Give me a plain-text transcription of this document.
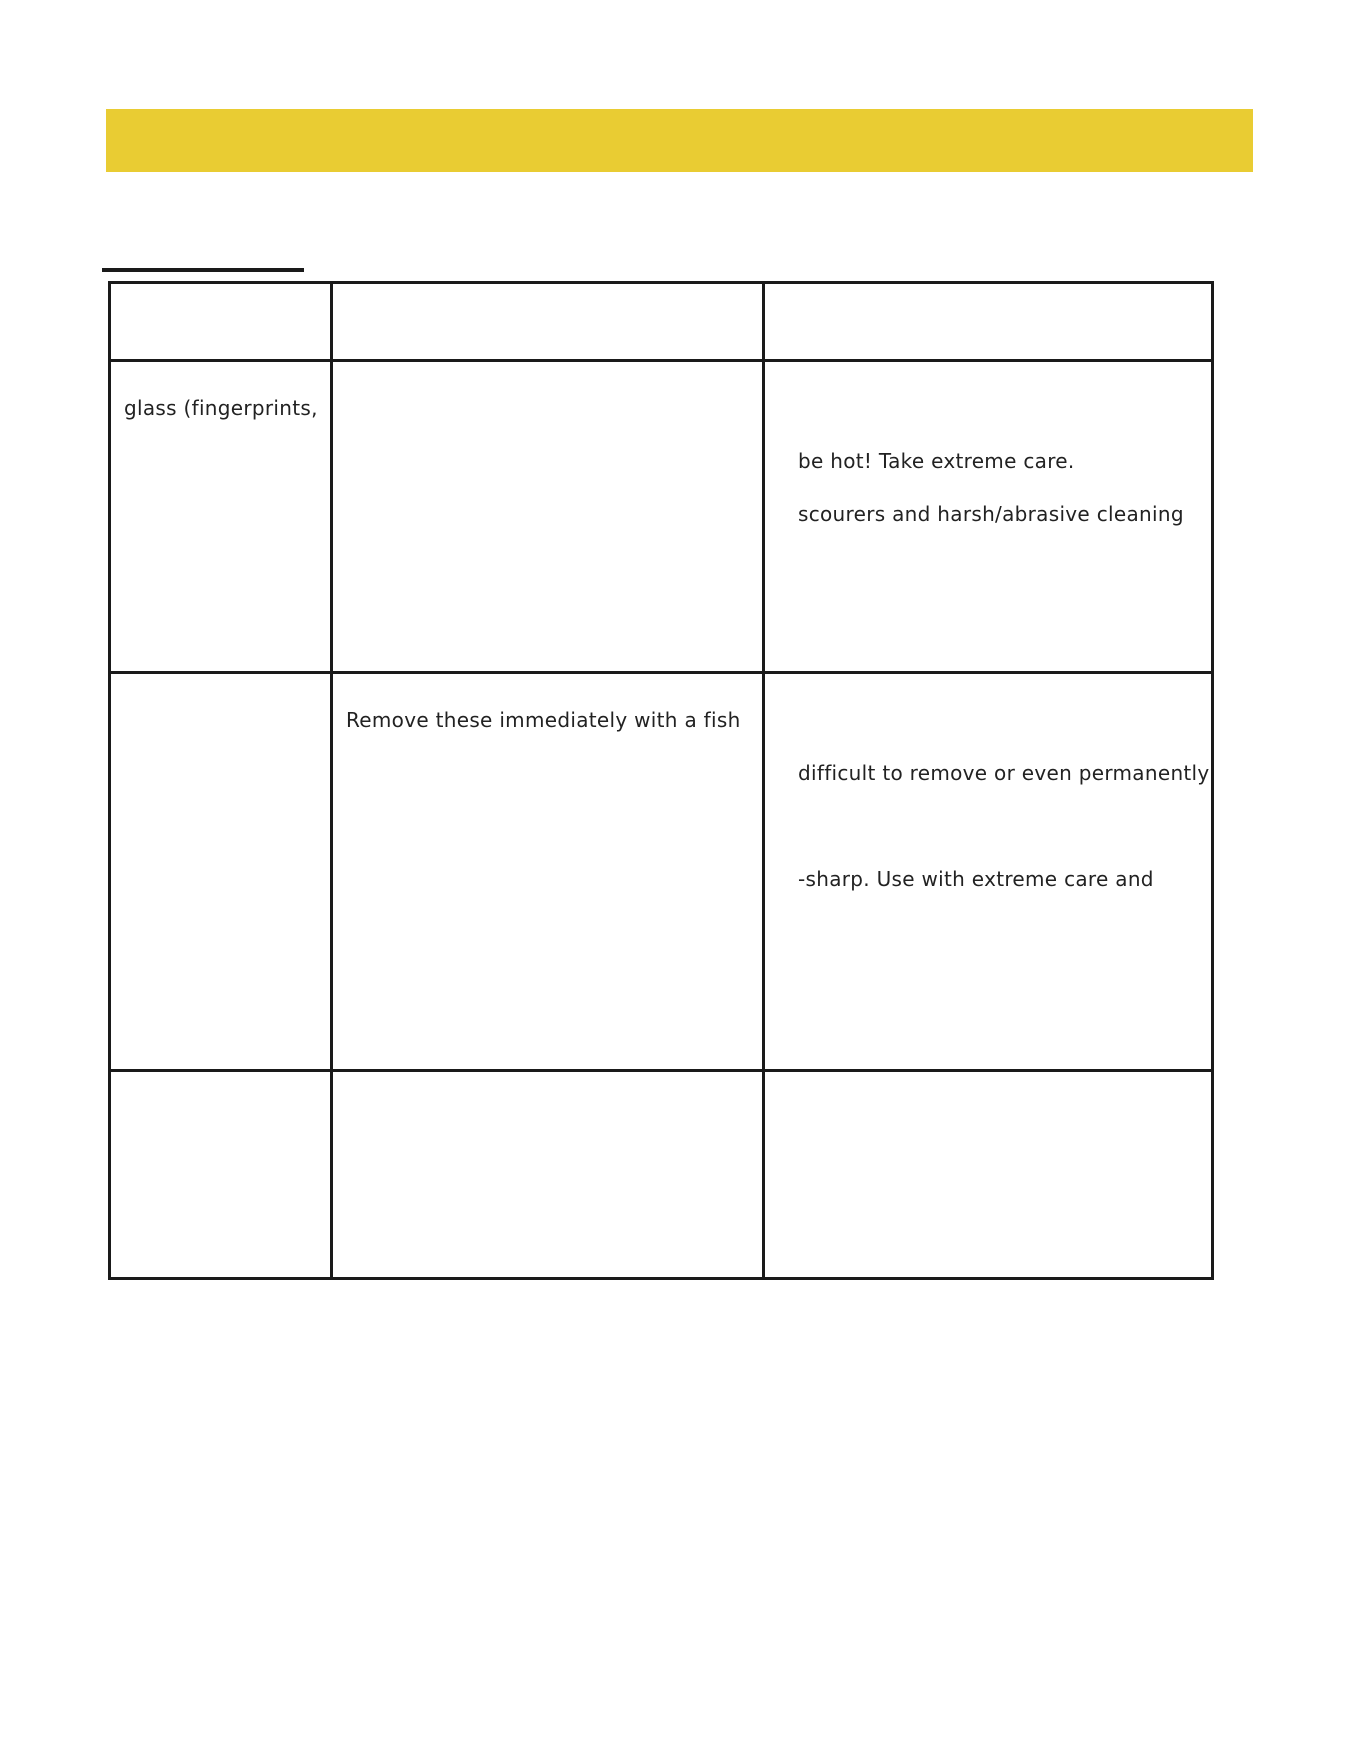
glass (fingerprints,
be hot! Take extreme care.
scourers and harsh/abrasive cleaning
Remove these immediately with a fish
difficult to remove or even permanently
-sharp. Use with extreme care and
